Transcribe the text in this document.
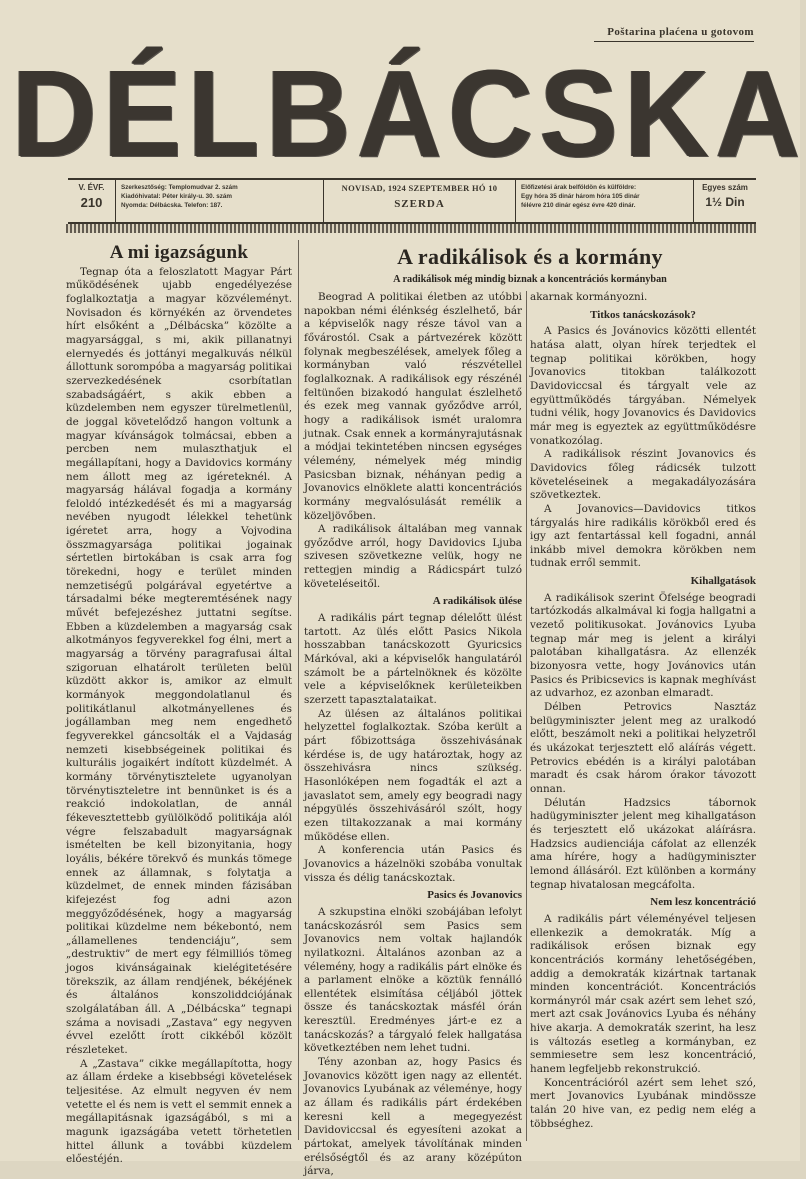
Poštarina plaćena u gotovom
DÉLBÁCSKA
V. ÉVF.
210
Szerkesztőség: Templomudvar 2. szám
Kiadóhivatal: Péter király-u. 30. szám
Nyomda: Délbácska. Telefon: 187.
NOVISAD, 1924 SZEPTEMBER HÓ 10
SZERDA
Előfizetési árak belföldön és külföldre:
Egy hóra 35 dinár három hóra 105 dinár
félévre 210 dinár egész évre 420 dinár.
Egyes szám
1½ Din
A mi igazságunk

Tegnap óta a feloszlatott Magyar Párt működésének ujabb engedélyezése foglalkoztatja a magyar közvéleményt. Novisadon és környékén az örvendetes hírt elsőként a „Délbácska” közölte a magyarsággal, s mi, akik pillanatnyi elernyedés és jottányi megalkuvás nélkül állottunk sorompóba a magyarság politikai szervezkedésének csorbítatlan szabadságáért, s akik ebben a küzdelemben nem egyszer türelmetlenül, de joggal követelődző hangon voltunk a magyar kívánságok tolmácsai, ebben a percben nem mulaszthatjuk el megállapítani, hogy a Davidovics kormány nem állott meg az igéreteknél. A magyarság hálával fogadja a kormány feloldó intézkedését és mi a magyarság nevében nyugodt lélekkel tehetünk igéretet arra, hogy a Vojvodina összmagyarsága politikai jogainak sértetlen birtokában is csak arra fog törekedni, hogy e terület minden nemzetiségű polgárával egyetértve a társadalmi béke megteremtésének nagy művét befejezéshez juttatni segítse. Ebben a küzdelemben a magyarság csak alkotmányos fegyverekkel fog élni, mert a magyarság a törvény paragrafusai által szigoruan elhatárolt területen belül küzdött akkor is, amikor az elmult kormányok meggondolatlanul és politikátlanul alkotmányellenes és jogállamban meg nem engedhető fegyverekkel gáncsolták el a Vajdaság nemzeti kisebbségeinek politikai és kulturális jogaikért indított küzdelmét. A kormány törvénytisztelete ugyanolyan törvénytiszteletre int bennünket is és a reakció indokolatlan, de annál fékevesztettebb gyülölködő politikája alól végre felszabadult magyarságnak ismételten be kell bizonyitania, hogy loyális, békére törekvő és munkás tömege ennek az államnak, s folytatja a küzdelmet, de ennek minden fázisában kifejezést fog adni azon meggyőződésének, hogy a magyarság politikai küzdelme nem békebontó, nem „államellenes tendenciáju”, sem „destruktiv” de mert egy félmilliós tömeg jogos kivánságainak kielégitetésére törekszik, az állam rendjének, békéjének és általános konszoliddciójának szolgálatában áll. A „Délbácska” tegnapi száma a novisadi „Zastava” egy negyven évvel ezelőtt írott cikkéből közölt részleteket.

A „Zastava” cikke megállapította, hogy az állam érdeke a kisebbségi követelések teljesitése. Az elmult negyven év nem vetette el és nem is vett el semmit ennek a megállapitásnak igazságából, s mi a magunk igazságába vetett törhetetlen hittel állunk a további küzdelem előestéjén.

A radikálisok és a kormány
A radikálisok még mindig biznak a koncentrációs kormányban

Beograd A politikai életben az utóbbi napokban némi élénkség észlelhető, bár a képviselők nagy része távol van a fővárostól. Csak a pártvezérek között folynak megbeszélések, amelyek főleg a kormányban való részvétellel foglalkoznak. A radikálisok egy részénél feltünően bizakodó hangulat észlelhető és ezek meg vannak győződve arról, hogy a radikálisok ismét uralomra jutnak. Csak ennek a kormányrajutásnak a módjai tekintetében nincsen egységes vélemény, némelyek még mindig Pasicsban biznak, néhányan pedig a Jovanovics elnöklete alatti koncentrációs kormány megvalósulását remélik a közeljövőben.

A radikálisok általában meg vannak győződve arról, hogy Davidovics Ljuba szivesen szövetkezne velük, hogy ne rettegjen mindig a Rádicspárt tulzó követeléseitől.

A radikálisok ülése

A radikális párt tegnap délelőtt ülést tartott. Az ülés előtt Pasics Nikola hosszabban tanácskozott Gyuricsics Márkóval, aki a képviselők hangulatáról számolt be a pártelnöknek és közölte vele a képviselőknek kerületeikben szerzett tapasztalataikat.

Az ülésen az általános politikai helyzettel foglalkoztak. Szóba került a párt főbizottsága összehivásának kérdése is, de ugy határoztak, hogy az összehivásra nincs szükség. Hasonlóképen nem fogadták el azt a javaslatot sem, amely egy beogradi nagy népgyülés összehivásáról szólt, hogy ezen tiltakozzanak a mai kormány működése ellen.

A konferencia után Pasics és Jovanovics a házelnöki szobába vonultak vissza és délig tanácskoztak.

Pasics és Jovanovics

A szkupstina elnöki szobájában lefolyt tanácskozásról sem Pasics sem Jovanovics nem voltak hajlandók nyilatkozni. Általános azonban az a vélemény, hogy a radikális párt elnöke és a parlament elnöke a köztük fennálló ellentétek elsimítása céljából jöttek össze és tanácskoztak másfél órán keresztül. Eredményes járt-e ez a tanácskozás? a tárgyaló felek hallgatása következtében nem lehet tudni.

Tény azonban az, hogy Pasics és Jovanovics között igen nagy az ellentét. Jovanovics Lyubának az véleménye, hogy az állam és radikális párt érdekében keresni kell a megegyezést Davidoviccsal és egyesíteni azokat a pártokat, amelyek távolítának minden erélsőségtől és az arany középúton járva,

akarnak kormányozni.

Titkos tanácskozások?

A Pasics és Jovánovics közötti ellentét hatása alatt, olyan hírek terjedtek el tegnap politikai körökben, hogy Jovanovics titokban találkozott Davidoviccsal és tárgyalt vele az együttműködés tárgyában. Némelyek tudni vélik, hogy Jovanovics és Davidovics már meg is egyeztek az együttműködésre vonatkozólag.

A radikálisok részint Jovanovics és Davidovics főleg rádicsék tulzott követeléseinek a megakadályozására szövetkeztek.

A Jovanovics—Davidovics titkos tárgyalás hire radikális körökből ered és igy azt fentartással kell fogadni, annál inkább mivel demokra körökben nem tudnak erről semmit.

Kihallgatások

A radikálisok szerint Öfelsége beogradi tartózkodás alkalmával ki fogja hallgatni a vezető politikusokat. Jovánovics Lyuba tegnap már meg is jelent a királyi palotában kihallgatásra. Az ellenzék bizonyosra vette, hogy Jovánovics után Pasics és Pribicsevics is kapnak meghívást az udvarhoz, ez azonban elmaradt.

Délben Petrovics Nasztáz belügyminiszter jelent meg az uralkodó előtt, beszámolt neki a politikai helyzetről és ukázokat terjesztett elő aláírás végett. Petrovics ebédén is a királyi palotában maradt és csak három órakor távozott onnan.

Délután Hadzsics tábornok hadügyminiszter jelent meg kihallgatáson és terjesztett elő ukázokat aláírásra. Hadzsics audienciája cáfolat az ellenzék ama hírére, hogy a hadügyminiszter lemond állásáról. Ezt különben a kormány tegnap hivatalosan megcáfolta.

Nem lesz koncentráció

A radikális párt véleményével teljesen ellenkezik a demokraták. Míg a radikálisok erősen biznak egy koncentrációs kormány lehetőségében, addig a demokraták kizártnak tartanak minden koncentrációt. Koncentrációs kormányról már csak azért sem lehet szó, mert azt csak Jovánovics Lyuba és néhány hive akarja. A demokraták szerint, ha lesz is változás esetleg a kormányban, ez semmiesetre sem lesz koncentráció, hanem legfeljebb rekonstrukció.

Koncentrációról azért sem lehet szó, mert Jovanovics Lyubának mindössze talán 20 hive van, ez pedig nem elég a többséghez.
